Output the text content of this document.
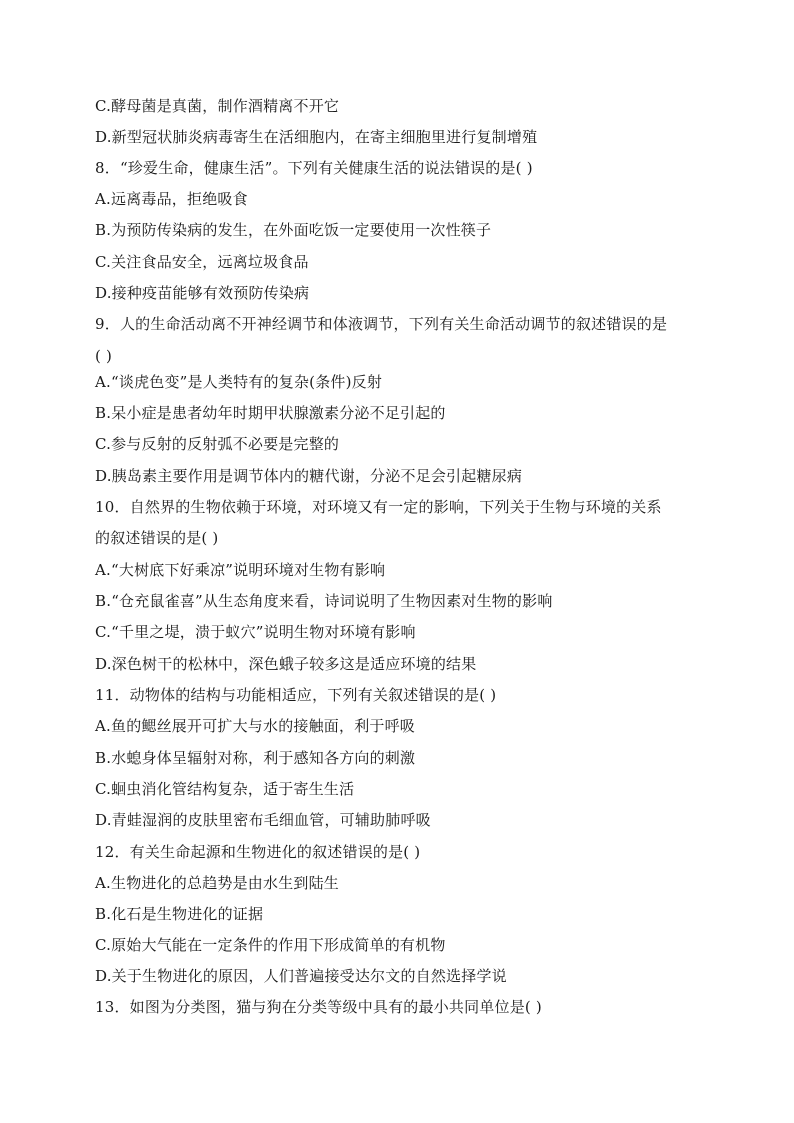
C.酵母菌是真菌，制作酒精离不开它
D.新型冠状肺炎病毒寄生在活细胞内，在寄主细胞里进行复制增殖
8．“珍爱生命，健康生活”。下列有关健康生活的说法错误的是( )
A.远离毒品，拒绝吸食
B.为预防传染病的发生，在外面吃饭一定要使用一次性筷子
C.关注食品安全，远离垃圾食品
D.接种疫苗能够有效预防传染病
9．人的生命活动离不开神经调节和体液调节，下列有关生命活动调节的叙述错误的是
( )
A.“谈虎色变”是人类特有的复杂(条件)反射
B.呆小症是患者幼年时期甲状腺激素分泌不足引起的
C.参与反射的反射弧不必要是完整的
D.胰岛素主要作用是调节体内的糖代谢，分泌不足会引起糖尿病
10．自然界的生物依赖于环境，对环境又有一定的影响，下列关于生物与环境的关系
的叙述错误的是( )
A.“大树底下好乘凉”说明环境对生物有影响
B.“仓充鼠雀喜”从生态角度来看，诗词说明了生物因素对生物的影响
C.“千里之堤，溃于蚁穴”说明生物对环境有影响
D.深色树干的松林中，深色蛾子较多这是适应环境的结果
11．动物体的结构与功能相适应，下列有关叙述错误的是( )
A.鱼的鳃丝展开可扩大与水的接触面，利于呼吸
B.水螅身体呈辐射对称，利于感知各方向的刺激
C.蛔虫消化管结构复杂，适于寄生生活
D.青蛙湿润的皮肤里密布毛细血管，可辅助肺呼吸
12．有关生命起源和生物进化的叙述错误的是( )
A.生物进化的总趋势是由水生到陆生
B.化石是生物进化的证据
C.原始大气能在一定条件的作用下形成简单的有机物
D.关于生物进化的原因，人们普遍接受达尔文的自然选择学说
13．如图为分类图，猫与狗在分类等级中具有的最小共同单位是( )
